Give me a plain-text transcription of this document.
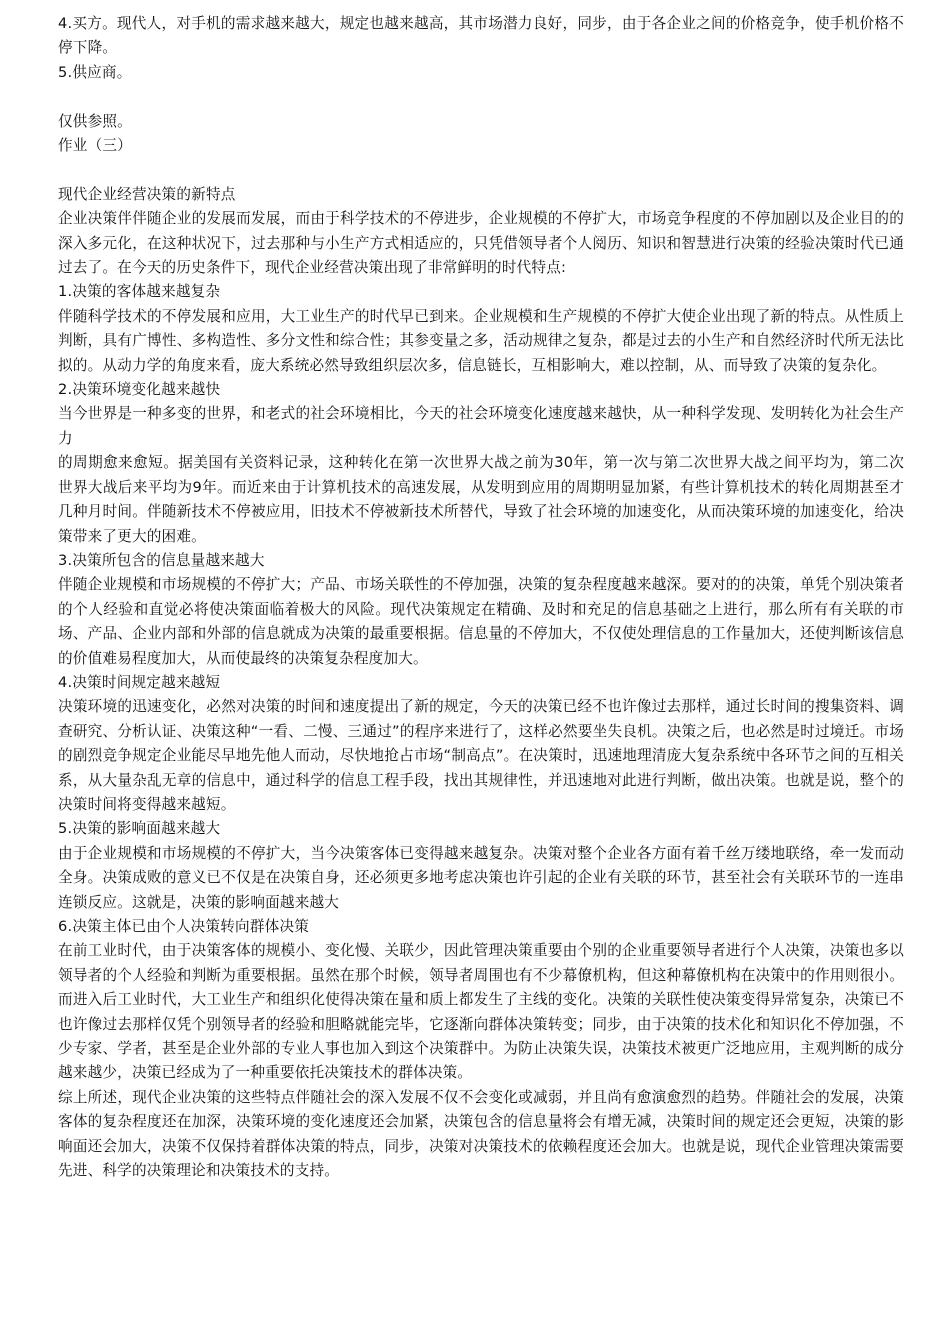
4.买方。现代人，对手机的需求越来越大，规定也越来越高，其市场潜力良好，同步，由于各企业之间的价格竞争，使手机价格不停下降。

5.供应商。

仅供参照。

作业（三）

现代企业经营决策的新特点

企业决策伴伴随企业的发展而发展，而由于科学技术的不停进步，企业规模的不停扩大，市场竞争程度的不停加剧以及企业目的的深入多元化，在这种状况下，过去那种与小生产方式相适应的，只凭借领导者个人阅历、知识和智慧进行决策的经验决策时代已通过去了。在今天的历史条件下，现代企业经营决策出现了非常鲜明的时代特点:

1.决策的客体越来越复杂

伴随科学技术的不停发展和应用，大工业生产的时代早已到来。企业规模和生产规模的不停扩大使企业出现了新的特点。从性质上判断，具有广博性、多构造性、多分文性和综合性；其参变量之多，活动规律之复杂，都是过去的小生产和自然经济时代所无法比拟的。从动力学的角度来看，庞大系统必然导致组织层次多，信息链长，互相影响大，难以控制，从、而导致了决策的复杂化。

2.决策环境变化越来越快

当今世界是一种多变的世界，和老式的社会环境相比，今天的社会环境变化速度越来越快，从一种科学发现、发明转化为社会生产力

的周期愈来愈短。据美国有关资料记录，这种转化在第一次世界大战之前为30年，第一次与第二次世界大战之间平均为，第二次世界大战后来平均为9年。而近来由于计算机技术的高速发展，从发明到应用的周期明显加紧，有些计算机技术的转化周期甚至才几种月时间。伴随新技术不停被应用，旧技术不停被新技术所替代，导致了社会环境的加速变化，从而决策环境的加速变化，给决策带来了更大的困难。

3.决策所包含的信息量越来越大

伴随企业规模和市场规模的不停扩大；产品、市场关联性的不停加强，决策的复杂程度越来越深。要对的的决策，单凭个别决策者的个人经验和直觉必将使决策面临着极大的风险。现代决策规定在精确、及时和充足的信息基础之上进行，那么所有有关联的市场、产品、企业内部和外部的信息就成为决策的最重要根据。信息量的不停加大，不仅使处理信息的工作量加大，还使判断该信息的价值难易程度加大，从而使最终的决策复杂程度加大。

4.决策时间规定越来越短

决策环境的迅速变化，必然对决策的时间和速度提出了新的规定，今天的决策已经不也许像过去那样，通过长时间的搜集资料、调查研究、分析认证、决策这种“一看、二慢、三通过”的程序来进行了，这样必然要坐失良机。决策之后，也必然是时过境迁。市场的剧烈竞争规定企业能尽早地先他人而动，尽快地抢占市场“制高点”。在决策时，迅速地理清庞大复杂系统中各环节之间的互相关系，从大量杂乱无章的信息中，通过科学的信息工程手段，找出其规律性，并迅速地对此进行判断，做出决策。也就是说，整个的决策时间将变得越来越短。

5.决策的影响面越来越大

由于企业规模和市场规模的不停扩大，当今决策客体已变得越来越复杂。决策对整个企业各方面有着千丝万缕地联络，牵一发而动全身。决策成败的意义已不仅是在决策自身，还必须更多地考虑决策也许引起的企业有关联的环节，甚至社会有关联环节的一连串连锁反应。这就是，决策的影响面越来越大

6.决策主体已由个人决策转向群体决策

在前工业时代，由于决策客体的规模小、变化慢、关联少，因此管理决策重要由个别的企业重要领导者进行个人决策，决策也多以领导者的个人经验和判断为重要根据。虽然在那个时候，领导者周围也有不少幕僚机构，但这种幕僚机构在决策中的作用则很小。而进入后工业时代，大工业生产和组织化使得决策在量和质上都发生了主线的变化。决策的关联性使决策变得异常复杂，决策已不也许像过去那样仅凭个别领导者的经验和胆略就能完毕，它逐渐向群体决策转变；同步，由于决策的技术化和知识化不停加强，不少专家、学者，甚至是企业外部的专业人事也加入到这个决策群中。为防止决策失误，决策技术被更广泛地应用，主观判断的成分越来越少，决策已经成为了一种重要依托决策技术的群体决策。

综上所述，现代企业决策的这些特点伴随社会的深入发展不仅不会变化或减弱，并且尚有愈演愈烈的趋势。伴随社会的发展，决策客体的复杂程度还在加深，决策环境的变化速度还会加紧，决策包含的信息量将会有增无减，决策时间的规定还会更短，决策的影响面还会加大，决策不仅保持着群体决策的特点，同步，决策对决策技术的依赖程度还会加大。也就是说，现代企业管理决策需要先进、科学的决策理论和决策技术的支持。
